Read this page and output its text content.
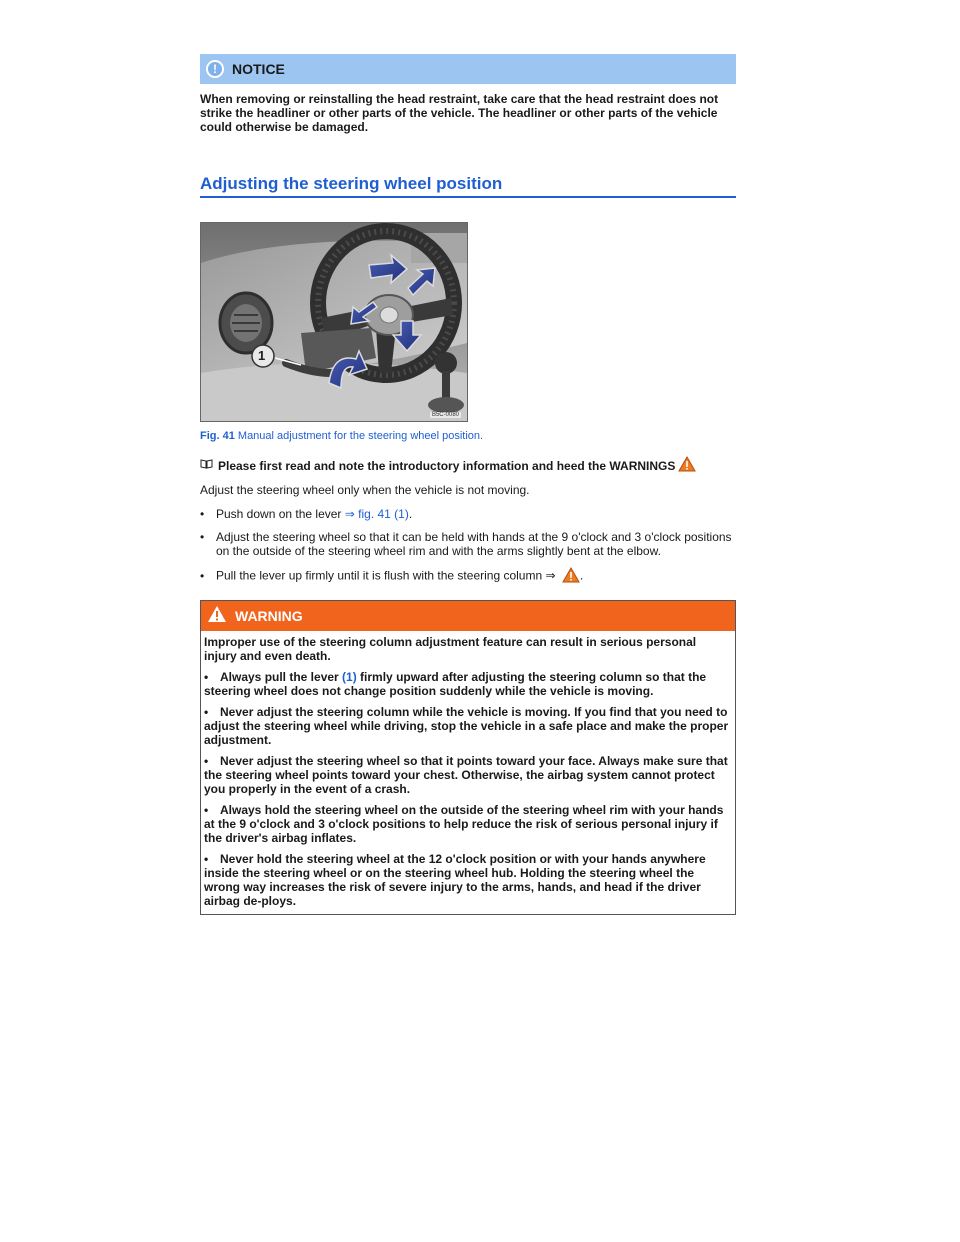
!	NOTICE

When removing or reinstalling the head restraint, take care that the head restraint does not strike the headliner or other parts of the vehicle. The headliner or other parts of the vehicle could otherwise be damaged.

Adjusting the steering wheel position
1
B5C-0080
Fig. 41 Manual adjustment for the steering wheel position.
Please first read and note the introductory information and heed the WARNINGS
Adjust the steering wheel only when the vehicle is not moving.
• Push down on the lever ⇒ fig. 41 (1).
• Adjust the steering wheel so that it can be held with hands at the 9 o'clock and 3 o'clock positions on the outside of the steering wheel rim and with the arms slightly bent at the elbow.
• Pull the lever up firmly until it is flush with the steering column ⇒ .
WARNING

Improper use of the steering column adjustment feature can result in serious personal injury and even death.

• Always pull the lever (1) firmly upward after adjusting the steering column so that the steering wheel does not change position suddenly while the vehicle is moving.

• Never adjust the steering column while the vehicle is moving. If you find that you need to adjust the steering wheel while driving, stop the vehicle in a safe place and make the proper adjustment.

• Never adjust the steering wheel so that it points toward your face. Always make sure that the steering wheel points toward your chest. Otherwise, the airbag system cannot protect you properly in the event of a crash.

• Always hold the steering wheel on the outside of the steering wheel rim with your hands at the 9 o'clock and 3 o'clock positions to help reduce the risk of serious personal injury if the driver's airbag inflates.

• Never hold the steering wheel at the 12 o'clock position or with your hands anywhere inside the steering wheel or on the steering wheel hub. Holding the steering wheel the wrong way increases the risk of severe injury to the arms, hands, and head if the driver airbag de-ploys.
